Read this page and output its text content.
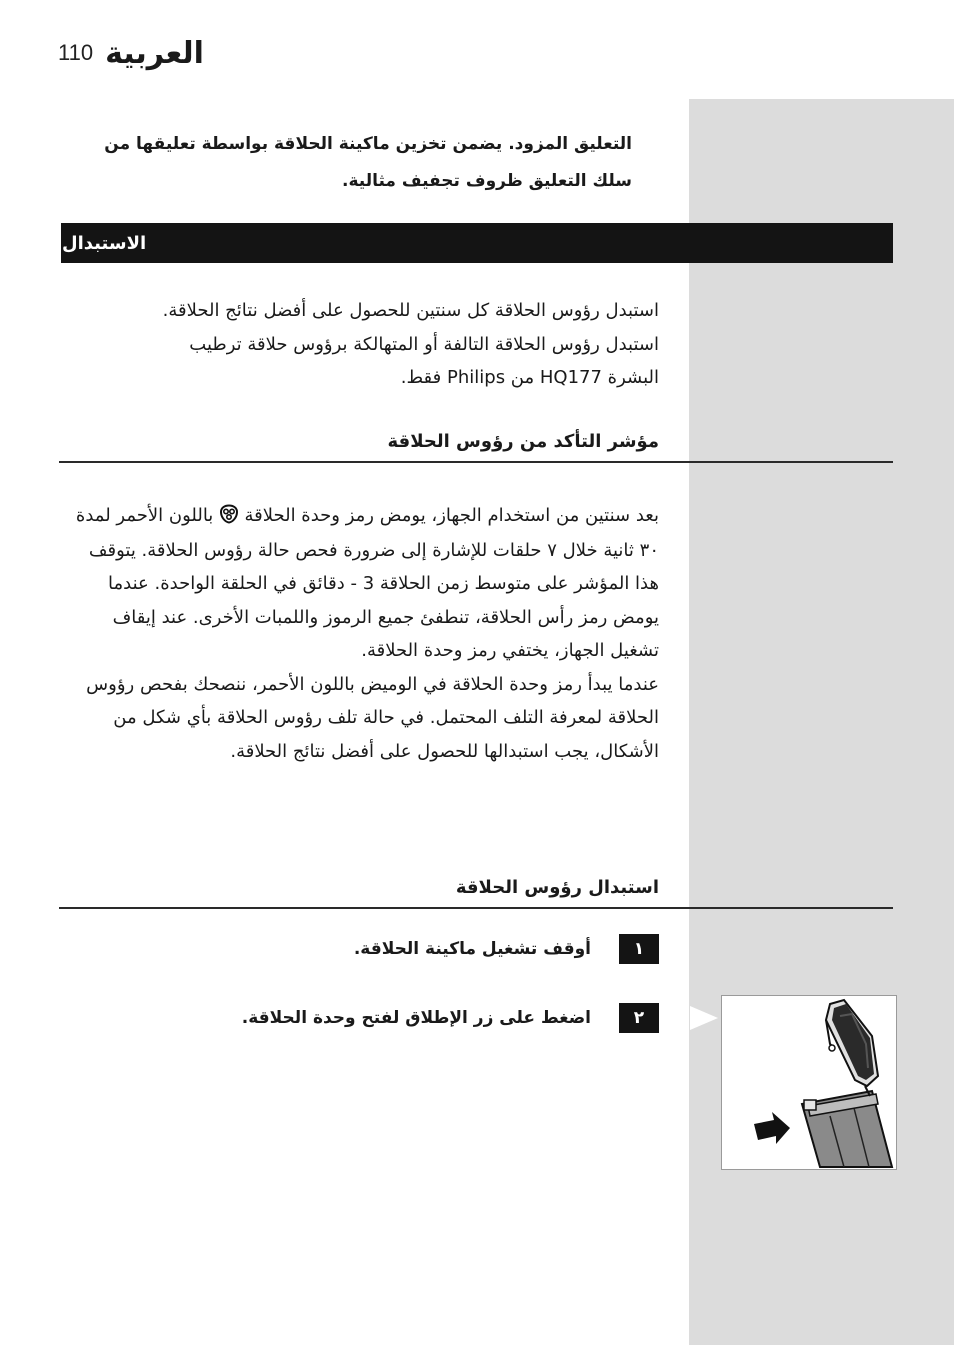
110 العربية
التعليق المزود. يضمن تخزين ماكينة الحلاقة بواسطة تعليقها من
سلك التعليق ظروف تجفيف مثالية.
الاستبدال
استبدل رؤوس الحلاقة كل سنتين للحصول على أفضل نتائج الحلاقة.
استبدل رؤوس الحلاقة التالفة أو المتهالكة برؤوس حلاقة ترطيب
البشرة HQ177 من Philips فقط.
مؤشر التأكد من رؤوس الحلاقة
بعد سنتين من استخدام الجهاز، يومض رمز وحدة الحلاقة  باللون الأحمر لمدة ٣٠ ثانية خلال ٧ حلقات للإشارة إلى ضرورة فحص حالة رؤوس الحلاقة. يتوقف هذا المؤشر على متوسط زمن الحلاقة 3 - دقائق في الحلقة الواحدة. عندما يومض رمز رأس الحلاقة، تنطفئ جميع الرموز واللمبات الأخرى. عند إيقاف تشغيل الجهاز، يختفي رمز وحدة الحلاقة.
عندما يبدأ رمز وحدة الحلاقة في الوميض باللون الأحمر، ننصحك بفحص رؤوس الحلاقة لمعرفة التلف المحتمل. في حالة تلف رؤوس الحلاقة بأي شكل من الأشكال، يجب استبدالها للحصول على أفضل نتائج الحلاقة.
استبدال رؤوس الحلاقة
١
أوقف تشغيل ماكينة الحلاقة.
٢
اضغط على زر الإطلاق لفتح وحدة الحلاقة.
